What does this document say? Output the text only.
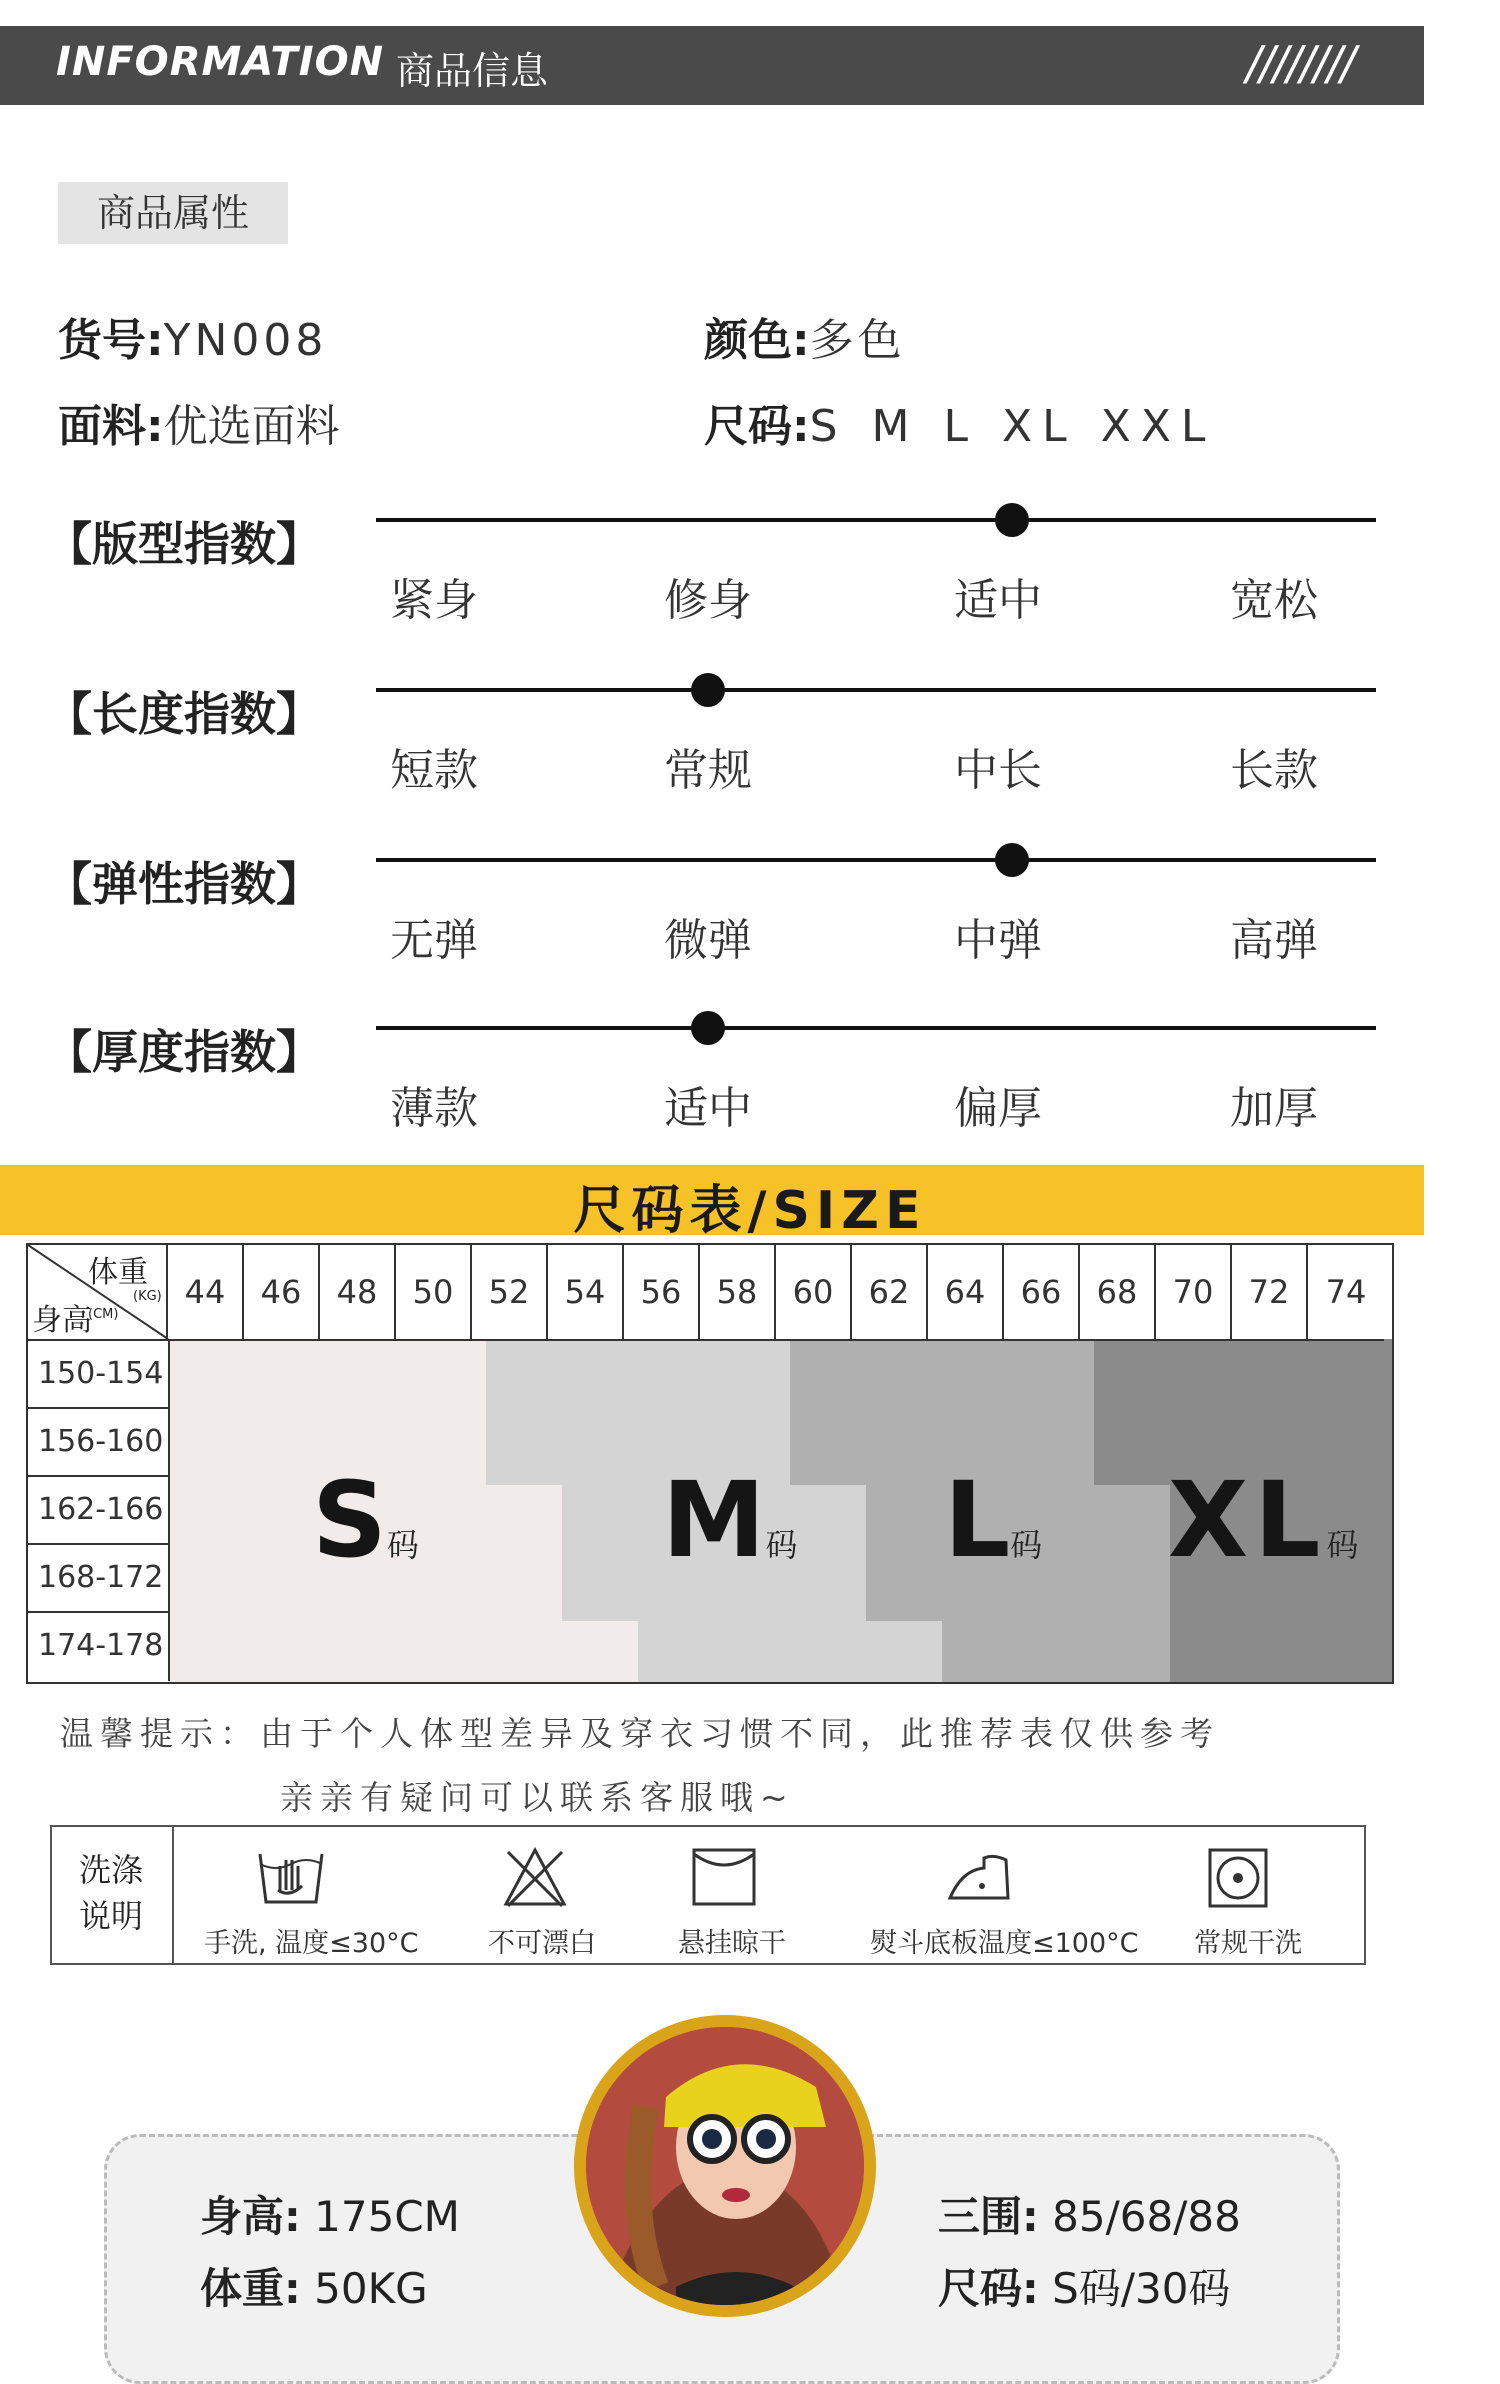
INFORMATION 商品信息	////////
商品属性
货号:YN008
面料:优选面料
颜色:多色
尺码:S M L XL XXL
【版型指数】
紧身	修身	适中	宽松
【长度指数】
短款	常规	中长	长款
【弹性指数】
无弹	微弹	中弹	高弹
【厚度指数】
薄款	适中	偏厚	加厚
尺码表/SIZE
体重
(KG)
身高
(CM)
44	46	48	50	52	54	56	58	60	62	64	66	68	70	72	74
150-154
156-160
162-166
168-172
174-178
S码 M码 L码 XL码
温馨提示：由于个人体型差异及穿衣习惯不同，此推荐表仅供参考
亲亲有疑问可以联系客服哦~
洗涤
说明
手洗, 温度≤30°C	不可漂白	悬挂晾干	熨斗底板温度≤100°C 常规干洗
身高: 175CM
体重: 50KG
三围: 85/68/88
尺码: S码/30码
